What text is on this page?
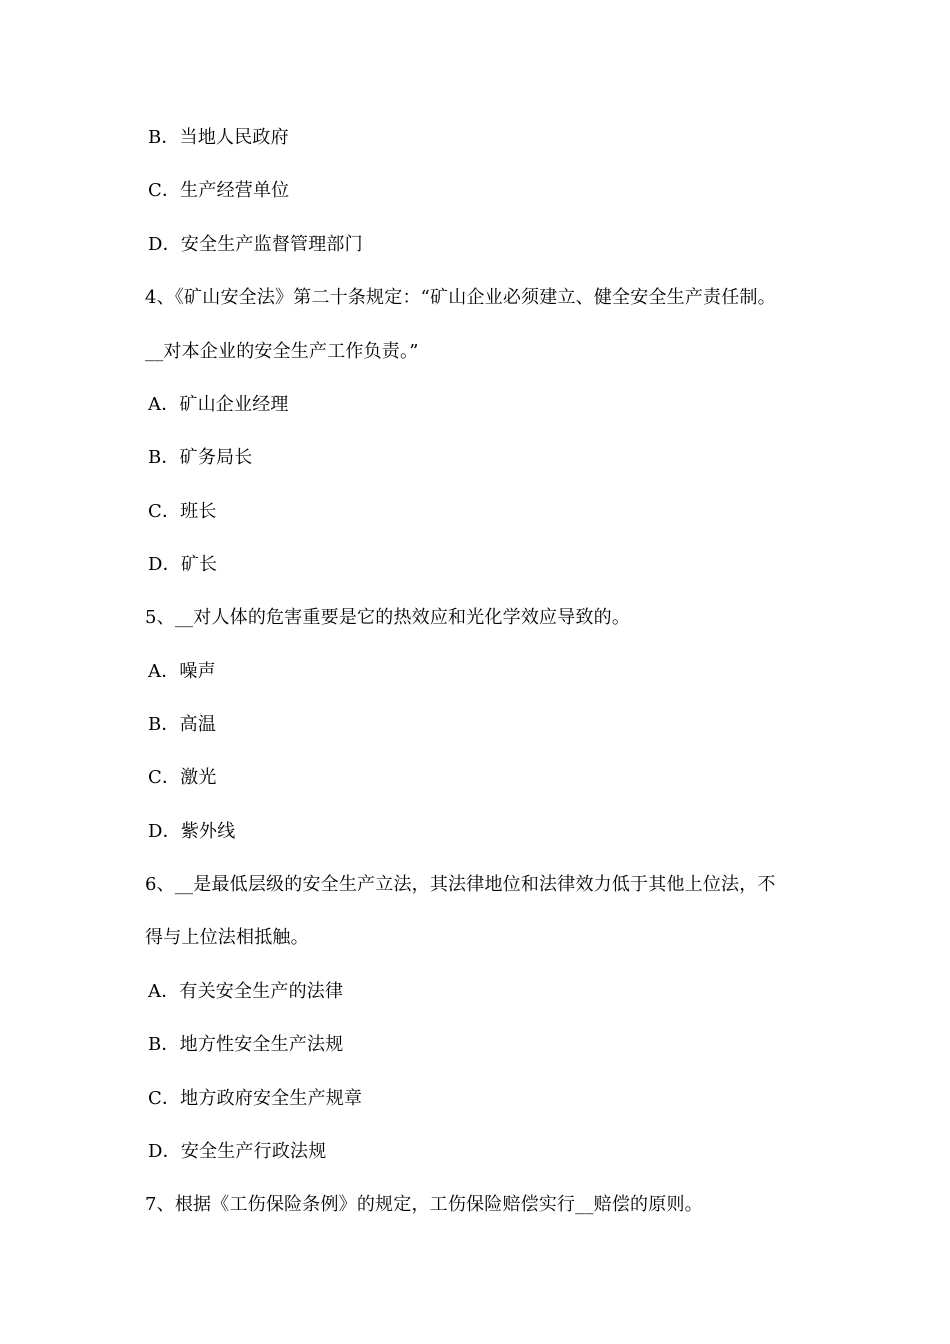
B．当地人民政府
C．生产经营单位
D．安全生产监督管理部门
4、《矿山安全法》第二十条规定：“矿山企业必须建立、健全安全生产责任制。
__对本企业的安全生产工作负责。”
A．矿山企业经理
B．矿务局长
C．班长
D．矿长
5、__对人体的危害重要是它的热效应和光化学效应导致的。
A．噪声
B．高温
C．激光
D．紫外线
6、__是最低层级的安全生产立法，其法律地位和法律效力低于其他上位法，不
得与上位法相抵触。
A．有关安全生产的法律
B．地方性安全生产法规
C．地方政府安全生产规章
D．安全生产行政法规
7、根据《工伤保险条例》的规定，工伤保险赔偿实行__赔偿的原则。
